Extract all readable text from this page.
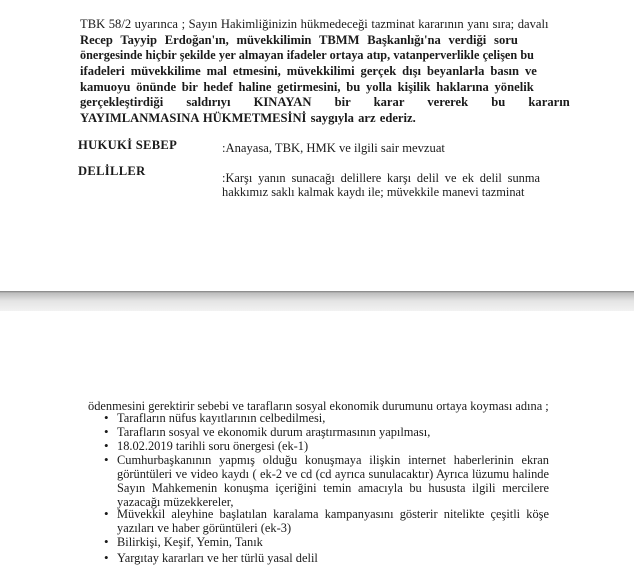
TBK 58/2 uyarınca ; Sayın Hakimliğinizin hükmedeceği tazminat kararının yanı sıra; davalı
Recep Tayyip Erdoğan'ın, müvekkilimin TBMM Başkanlığı'na verdiği soru
önergesinde hiçbir şekilde yer almayan ifadeler ortaya atıp, vatanperverlikle çelişen bu
ifadeleri müvekkilime mal etmesini, müvekkilimi gerçek dışı beyanlarla basın ve
kamuoyu önünde bir hedef haline getirmesini, bu yolla kişilik haklarına yönelik
gerçekleştirdiği saldırıyı KINAYAN bir karar vererek bu kararın
YAYIMLANMASINA HÜKMETMESİNİ saygıyla arz ederiz.
HUKUKİ SEBEP	:Anayasa, TBK, HMK ve ilgili sair mevzuat
DELİLLER	:Karşı yanın sunacağı delillere karşı delil ve ek delil sunma hakkımız saklı kalmak kaydı ile; müvekkile manevi tazminat
ödenmesini gerektirir sebebi ve tarafların sosyal ekonomik durumunu ortaya koyması adına ;
• Tarafların nüfus kayıtlarının celbedilmesi,
• Tarafların sosyal ve ekonomik durum araştırmasının yapılması,
• 18.02.2019 tarihli soru önergesi (ek-1)
• Cumhurbaşkanının yapmış olduğu konuşmaya ilişkin internet haberlerinin ekran görüntüleri ve video kaydı ( ek-2 ve cd (cd ayrıca sunulacaktır) Ayrıca lüzumu halinde Sayın Mahkemenin konuşma içeriğini temin amacıyla bu hususta ilgili mercilere yazacağı müzekkereler,
• Müvekkil aleyhine başlatılan karalama kampanyasını gösterir nitelikte çeşitli köşe yazıları ve haber görüntüleri (ek-3)
• Bilirkişi, Keşif, Yemin, Tanık
• Yargıtay kararları ve her türlü yasal delil
